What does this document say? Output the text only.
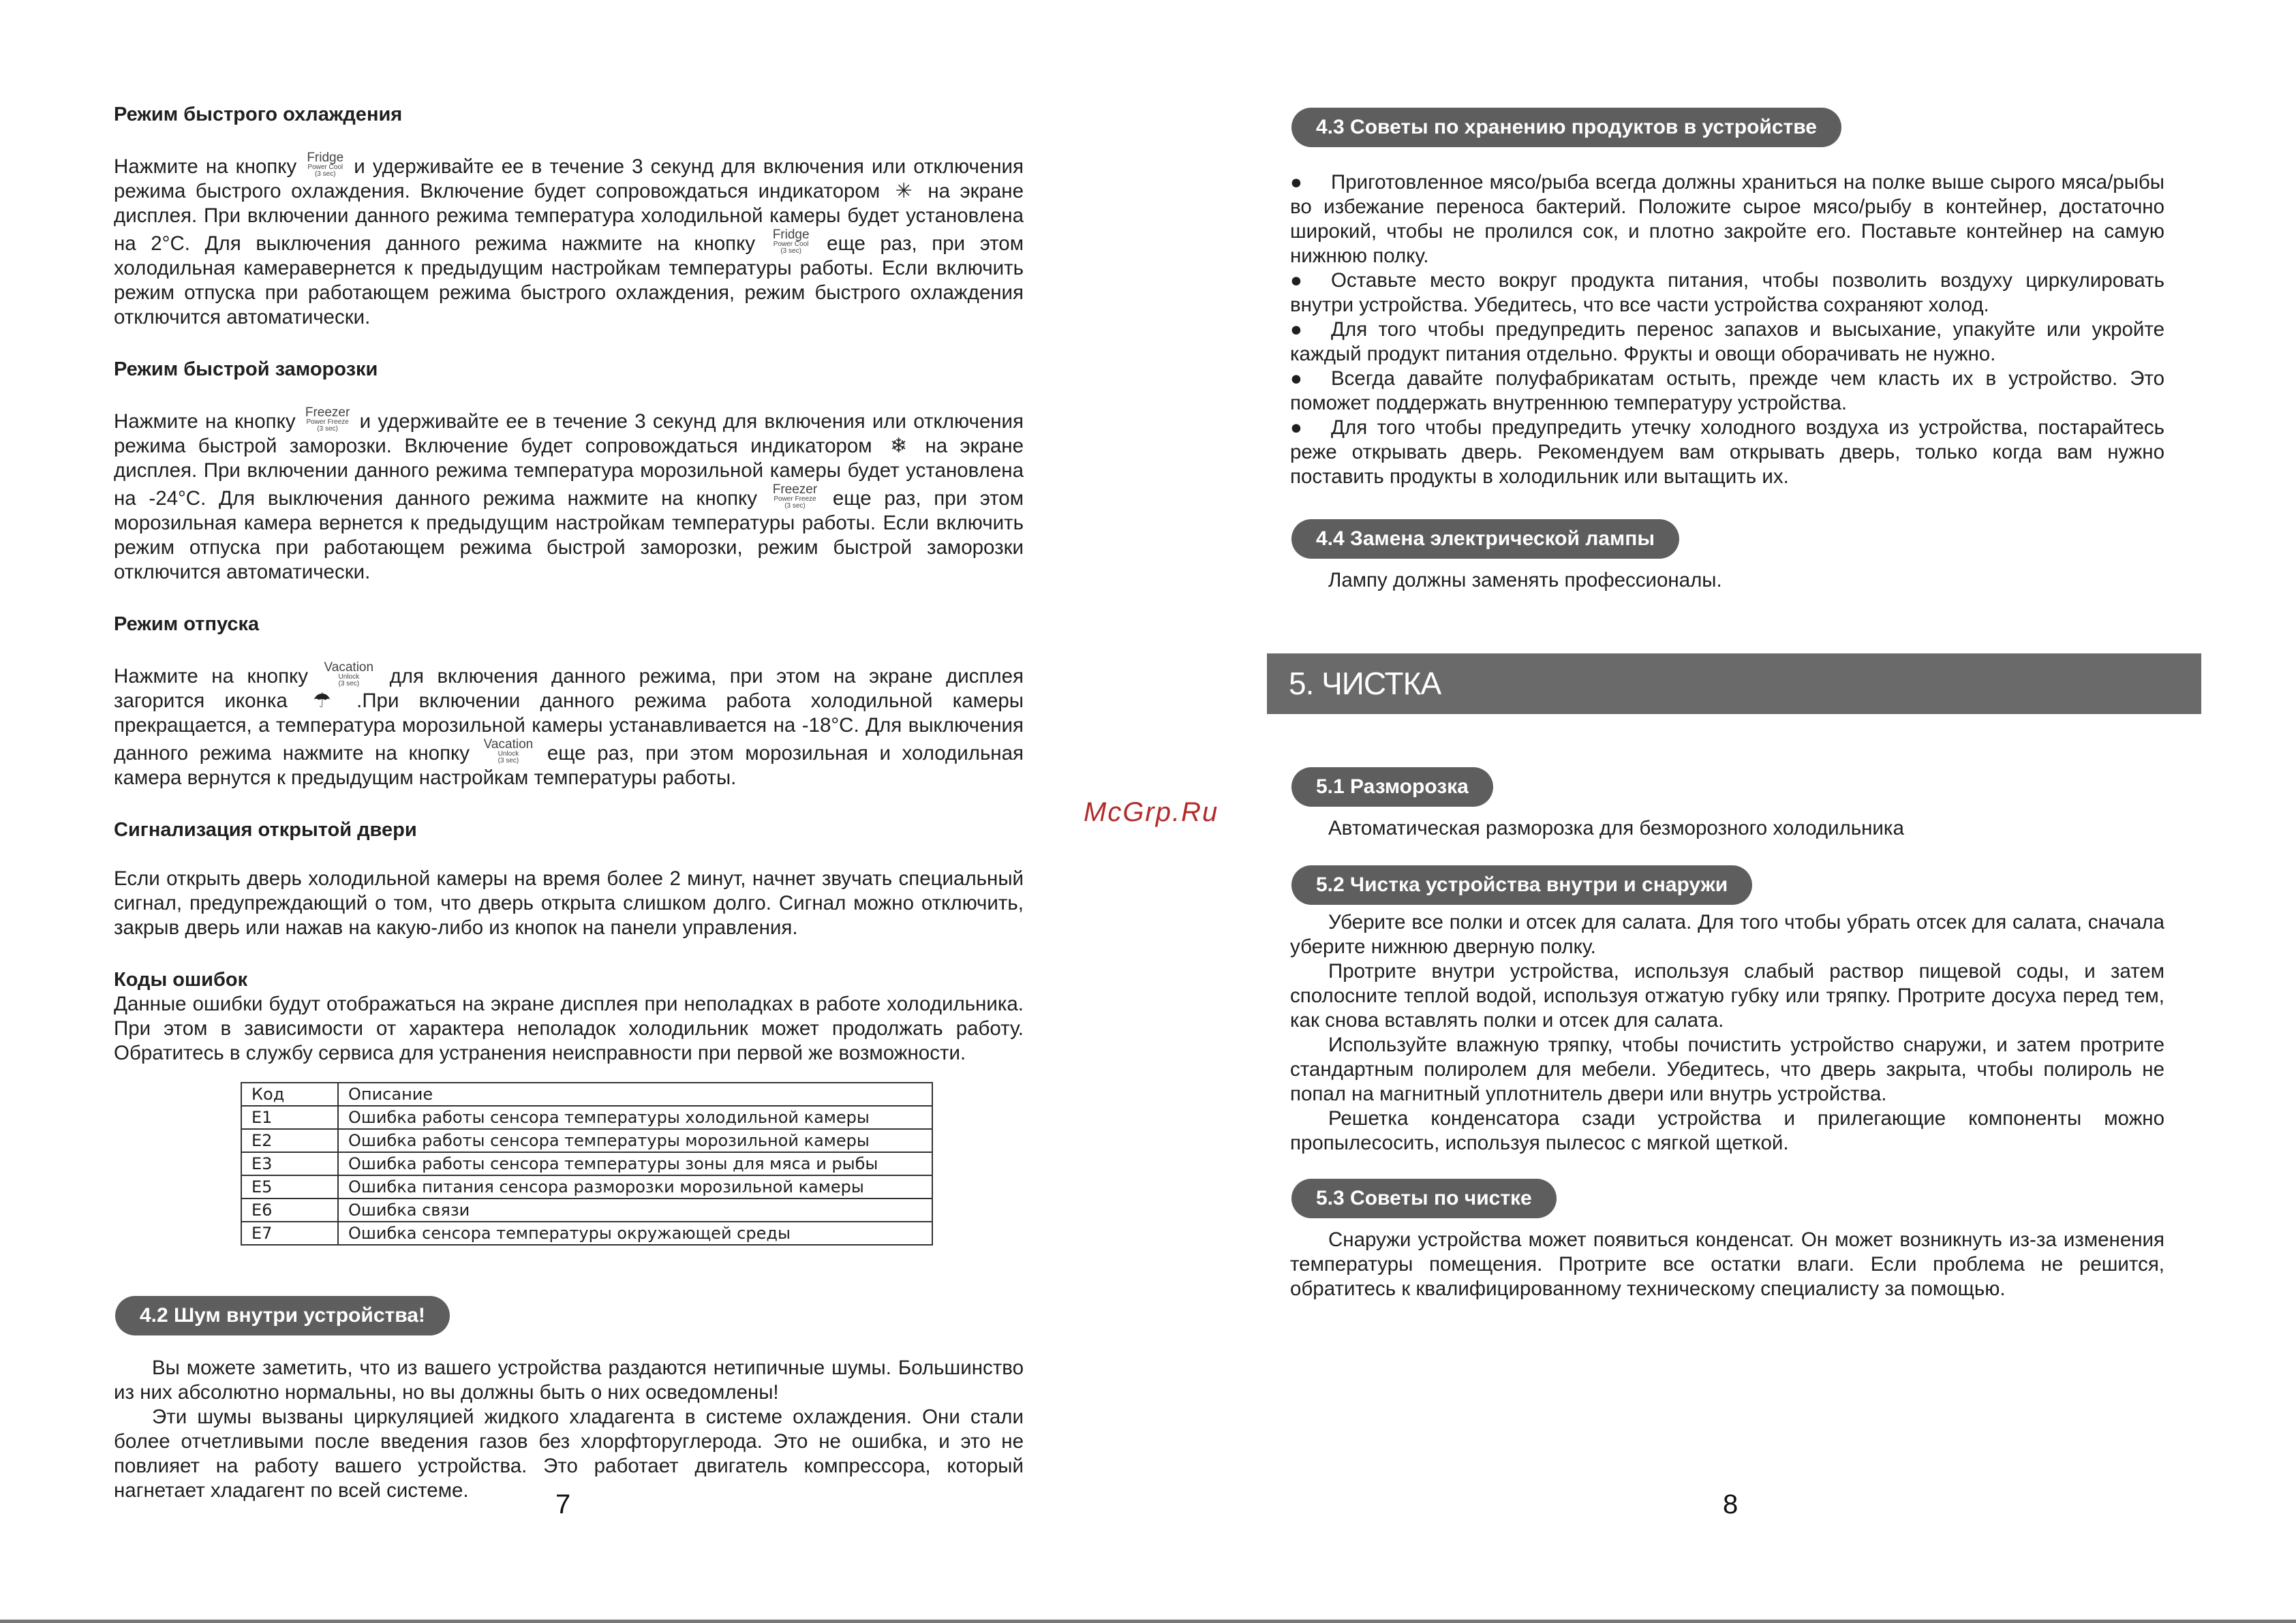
Режим быстрого охлаждения

Нажмите на кнопку Fridge
Power Cool
(3 sec) и удерживайте ее в течение 3 секунд для включения или отключения режима быстрого охлаждения. Включение будет сопровождаться индикатором ✳ на экране дисплея. При включении данного режима температура холодильной камеры будет установлена на 2°C. Для выключения данного режима нажмите на кнопку Fridge
Power Cool
(3 sec)	еще раз, при этом холодильная камеравернется к предыдущим настройкам температуры работы. Если включить режим отпуска при работающем режима быстрого охлаждения, режим быстрого охлаждения отключится автоматически.

Режим быстрой заморозки

Нажмите на кнопку Freezer
Power Freeze
(3 sec)	и удерживайте ее в течение 3 секунд для включения или отключения режима быстрой заморозки. Включение будет сопровождаться индикатором ❄ на экране дисплея. При включении данного режима температура морозильной камеры будет установлена на -24°C. Для выключения данного режима нажмите на кнопку Freezer
Power Freeze
(3 sec)	еще раз, при этом морозильная камера вернется к предыдущим настройкам температуры работы. Если включить режим отпуска при работающем режима быстрой заморозки, режим быстрой заморозки отключится автоматически.

Режим отпуска

Нажмите на кнопку Vacation
Unlock
(3 sec)	для включения данного режима, при этом на экране дисплея загорится иконка ☂ .При включении данного режима работа холодильной камеры прекращается, а температура морозильной камеры устанавливается на -18°C. Для выключения данного режима нажмите на кнопку Vacation
Unlock
(3 sec)	еще раз, при этом морозильная и холодильная камера вернутся к предыдущим настройкам температуры работы.

Сигнализация открытой двери

Если открыть дверь холодильной камеры на время более 2 минут, начнет звучать специальный сигнал, предупреждающий о том, что дверь открыта слишком долго. Сигнал можно отключить, закрыв дверь или нажав на какую-либо из кнопок на панели управления.

Коды ошибок

Данные ошибки будут отображаться на экране дисплея при неполадках в работе холодильника. При этом в зависимости от характера неполадок холодильник может продолжать работу. Обратитесь в службу сервиса для устранения неисправности при первой же возможности.

Код	Описание
E1	Ошибка работы сенсора температуры холодильной камеры
E2	Ошибка работы сенсора температуры морозильной камеры
E3	Ошибка работы сенсора температуры зоны для мяса и рыбы
E5	Ошибка питания сенсора разморозки морозильной камеры
E6	Ошибка связи
E7	Ошибка сенсора температуры окружающей среды
4.2 Шум внутри устройства!

Вы можете заметить, что из вашего устройства раздаются нетипичные шумы. Большинство из них абсолютно нормальны, но вы должны быть о них осведомлены!

Эти шумы вызваны циркуляцией жидкого хладагента в системе охлаждения. Они стали более отчетливыми после введения газов без хлорфторуглерода. Это не ошибка, и это не повлияет на работу вашего устройства. Это работает двигатель компрессора, который нагнетает хладагент по всей системе.	7
McGrp.Ru
4.3 Советы по хранению продуктов в устройстве

● Приготовленное мясо/рыба всегда должны храниться на полке выше сырого мяса/рыбы во избежание переноса бактерий. Положите сырое мясо/рыбу в контейнер, достаточно широкий, чтобы не пролился сок, и плотно закройте его. Поставьте контейнер на самую нижнюю полку.

● Оставьте место вокруг продукта питания, чтобы позволить воздуху циркулировать внутри устройства. Убедитесь, что все части устройства сохраняют холод.

● Для того чтобы предупредить перенос запахов и высыхание, упакуйте или укройте каждый продукт питания отдельно. Фрукты и овощи оборачивать не нужно.

● Всегда давайте полуфабрикатам остыть, прежде чем класть их в устройство. Это поможет поддержать внутреннюю температуру устройства.

● Для того чтобы предупредить утечку холодного воздуха из устройства, постарайтесь реже открывать дверь. Рекомендуем вам открывать дверь, только когда вам нужно поставить продукты в холодильник или вытащить их.

4.4 Замена электрической лампы

Лампу должны заменять профессионалы.

5. ЧИСТКА
5.1 Разморозка

Автоматическая разморозка для безморозного холодильника

5.2 Чистка устройства внутри и снаружи

Уберите все полки и отсек для салата. Для того чтобы убрать отсек для салата, сначала уберите нижнюю дверную полку.

Протрите внутри устройства, используя слабый раствор пищевой соды, и затем сполосните теплой водой, используя отжатую губку или тряпку. Протрите досуха перед тем, как снова вставлять полки и отсек для салата.

Используйте влажную тряпку, чтобы почистить устройство снаружи, и затем протрите стандартным полиролем для мебели. Убедитесь, что дверь закрыта, чтобы полироль не попал на магнитный уплотнитель двери или внутрь устройства.

Решетка конденсатора сзади устройства и прилегающие компоненты можно пропылесосить, используя пылесос с мягкой щеткой.

5.3 Советы по чистке

Снаружи устройства может появиться конденсат. Он может возникнуть из-за изменения температуры помещения. Протрите все остатки влаги. Если проблема не решится, обратитесь к квалифицированному техническому специалисту за помощью.

8
